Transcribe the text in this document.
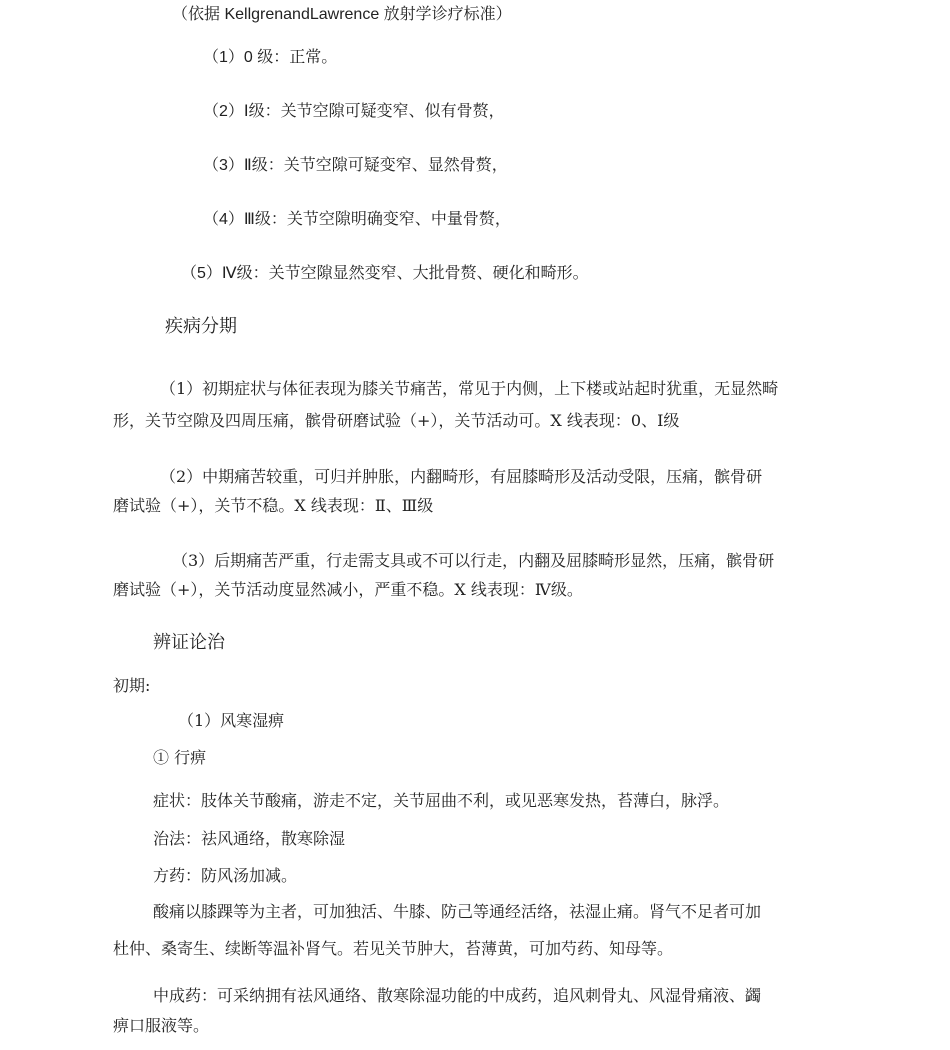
（依据 KellgrenandLawrence 放射学诊疗标准）
（1）0 级：正常。
（2）Ⅰ级：关节空隙可疑变窄、似有骨赘，
（3）Ⅱ级：关节空隙可疑变窄、显然骨赘，
（4）Ⅲ级：关节空隙明确变窄、中量骨赘，
（5）Ⅳ级：关节空隙显然变窄、大批骨赘、硬化和畸形。
疾病分期
（1）初期症状与体征表现为膝关节痛苦，常见于内侧，上下楼或站起时犹重，无显然畸
形，关节空隙及四周压痛，髌骨研磨试验（+），关节活动可。X 线表现：0、Ⅰ级
（2）中期痛苦较重，可归并肿胀，内翻畸形，有屈膝畸形及活动受限，压痛，髌骨研
磨试验（+），关节不稳。X 线表现：Ⅱ、Ⅲ级
（3）后期痛苦严重，行走需支具或不可以行走，内翻及屈膝畸形显然，压痛，髌骨研
磨试验（+），关节活动度显然减小，严重不稳。X 线表现：Ⅳ级。
辨证论治
初期:
（1）风寒湿痹
① 行痹
症状：肢体关节酸痛，游走不定，关节屈曲不利，或见恶寒发热，苔薄白，脉浮。
治法：祛风通络，散寒除湿
方药：防风汤加减。
酸痛以膝踝等为主者，可加独活、牛膝、防己等通经活络，祛湿止痛。肾气不足者可加
杜仲、桑寄生、续断等温补肾气。若见关节肿大，苔薄黄，可加芍药、知母等。
中成药：可采纳拥有祛风通络、散寒除湿功能的中成药，追风刺骨丸、风湿骨痛液、蠲
痹口服液等。
